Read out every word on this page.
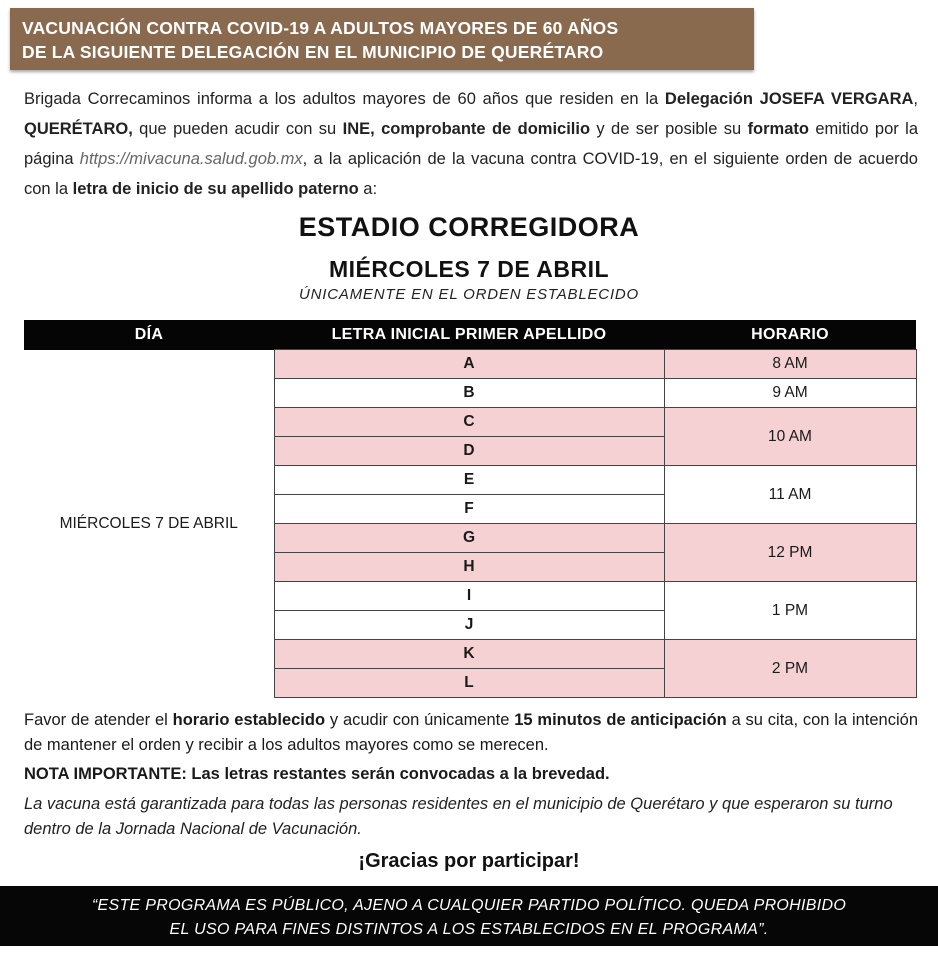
VACUNACIÓN CONTRA COVID-19 A ADULTOS MAYORES DE 60 AÑOS
DE LA SIGUIENTE DELEGACIÓN EN EL MUNICIPIO DE QUERÉTARO
Brigada Correcaminos informa a los adultos mayores de 60 años que residen en la Delegación JOSEFA VERGARA, QUERÉTARO, que pueden acudir con su INE, comprobante de domicilio y de ser posible su formato emitido por la página https://mivacuna.salud.gob.mx, a la aplicación de la vacuna contra COVID-19, en el siguiente orden de acuerdo con la letra de inicio de su apellido paterno a:
ESTADIO CORREGIDORA
MIÉRCOLES 7 DE ABRIL
ÚNICAMENTE EN EL ORDEN ESTABLECIDO
DÍA	LETRA INICIAL PRIMER APELLIDO	HORARIO
MIÉRCOLES 7 DE ABRIL	A	8 AM
	B	9 AM
	C	10 AM
	D	
	E	11 AM
	F	
	G	12 PM
	H	
	I	1 PM
	J	
	K	2 PM
	L	
Favor de atender el horario establecido y acudir con únicamente 15 minutos de anticipación a su cita, con la intención de mantener el orden y recibir a los adultos mayores como se merecen.
NOTA IMPORTANTE: Las letras restantes serán convocadas a la brevedad.
La vacuna está garantizada para todas las personas residentes en el municipio de Querétaro y que esperaron su turno dentro de la Jornada Nacional de Vacunación.
¡Gracias por participar!
“ESTE PROGRAMA ES PÚBLICO, AJENO A CUALQUIER PARTIDO POLÍTICO. QUEDA PROHIBIDO
EL USO PARA FINES DISTINTOS A LOS ESTABLECIDOS EN EL PROGRAMA”.
